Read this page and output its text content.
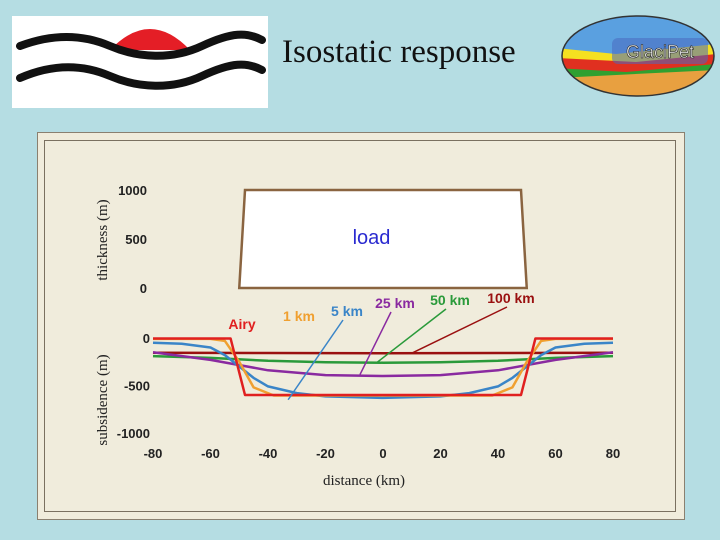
Isostatic response	GlaciPet
0
500
1000
load
0
-500
-1000
-80	-60	-40	-20	0	20	40	60	80
Airy 1 km 5 km 25 km 50 km 100 km
thickness (m)
subsidence (m)
distance (km)
